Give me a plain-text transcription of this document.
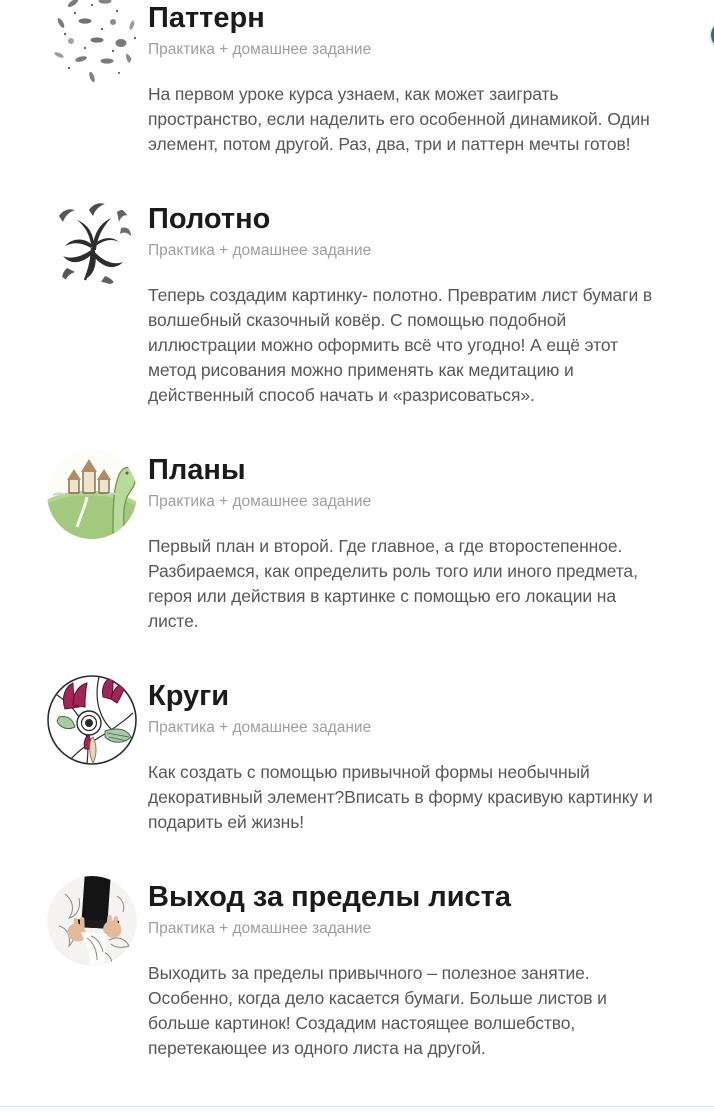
Паттерн

Практика + домашнее задание

На первом уроке курса узнаем, как может заиграть пространство, если наделить его особенной динамикой. Один элемент, потом другой. Раз, два, три и паттерн мечты готов!

Полотно

Практика + домашнее задание

Теперь создадим картинку- полотно. Превратим лист бумаги в волшебный сказочный ковёр. С помощью подобной иллюстрации можно оформить всё что угодно! А ещё этот метод рисования можно применять как медитацию и действенный способ начать и «разрисоваться».

Планы

Практика + домашнее задание

Первый план и второй. Где главное, а где второстепенное. Разбираемся, как определить роль того или иного предмета, героя или действия в картинке с помощью его локации на листе.

Круги

Практика + домашнее задание

Как создать с помощью привычной формы необычный декоративный элемент?Вписать в форму красивую картинку и подарить ей жизнь!

Выход за пределы листа

Практика + домашнее задание

Выходить за пределы привычного – полезное занятие. Особенно, когда дело касается бумаги. Больше листов и больше картинок! Создадим настоящее волшебство, перетекающее из одного листа на другой.
